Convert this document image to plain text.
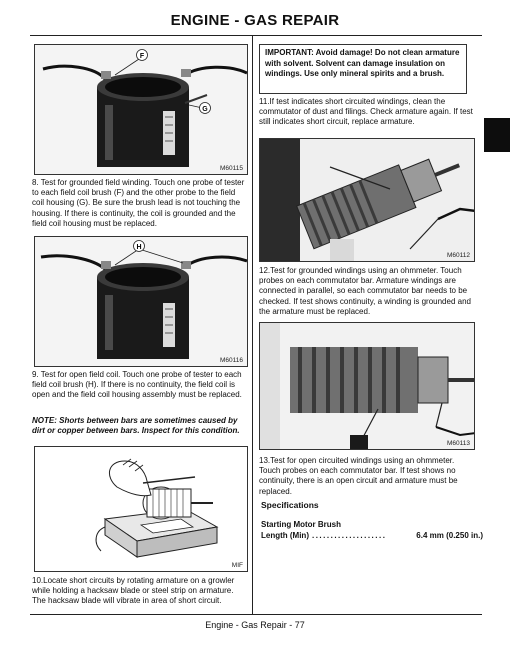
ENGINE - GAS REPAIR
F
G
M60115
8. Test for grounded field winding. Touch one probe of tester to each field coil brush (F) and the other probe to the field coil housing (G). Be sure the brush lead is not touching the housing. If there is continuity, the coil is grounded and the field coil housing must be replaced.
H
M60116
9. Test for open field coil. Touch one probe of tester to each field coil brush (H). If there is no continuity, the field coil is open and the field coil housing assembly must be replaced.
NOTE: Shorts between bars are sometimes caused by dirt or copper between bars. Inspect for this condition.
MIF
10.Locate short circuits by rotating armature on a growler while holding a hacksaw blade or steel strip on armature. The hacksaw blade will vibrate in area of short circuit.
IMPORTANT: Avoid damage! Do not clean armature with solvent. Solvent can damage insulation on windings. Use only mineral spirits and a brush.
11.If test indicates short circuited windings, clean the commutator of dust and filings. Check armature again. If test still indicates short circuit, replace armature.
M60112
12.Test for grounded windings using an ohmmeter. Touch probes on each commutator bar. Armature windings are connected in parallel, so each commutator bar needs to be checked. If test shows continuity, a winding is grounded and the armature must be replaced.
M60113
13.Test for open circuited windings using an ohmmeter. Touch probes on each commutator bar. If test shows no continuity, there is an open circuit and armature must be replaced.
Specifications
Starting Motor Brush
Length (Min) ....................	6.4 mm (0.250 in.)
Engine - Gas Repair - 77
